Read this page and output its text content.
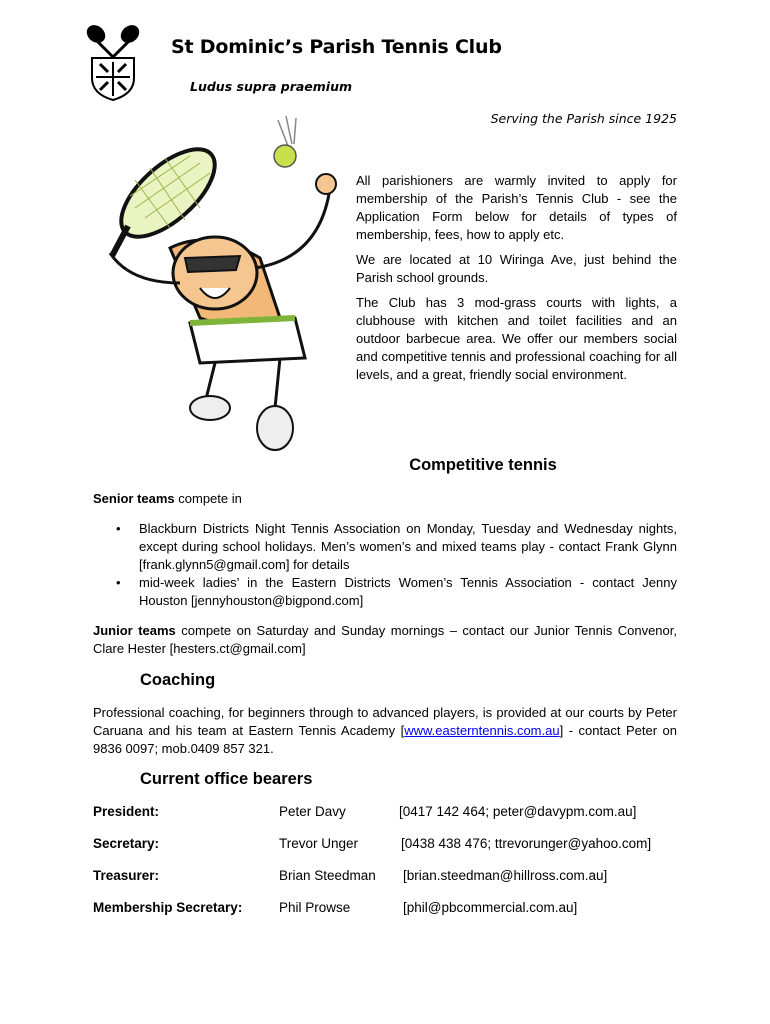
St Dominic’s Parish Tennis Club
Ludus supra praemium
Serving the Parish since 1925

All parishioners are warmly invited to apply for membership of the Parish’s Tennis Club - see the Application Form below for details of types of membership, fees, how to apply etc.

We are located at 10 Wiringa Ave, just behind the Parish school grounds.

The Club has 3 mod-grass courts with lights, a clubhouse with kitchen and toilet facilities and an outdoor barbecue area. We offer our members social and competitive tennis and professional coaching for all levels, and a great, friendly social environment.

Competitive tennis
Senior teams compete in
• Blackburn Districts Night Tennis Association on Monday, Tuesday and Wednesday nights, except during school holidays. Men’s women’s and mixed teams play - contact Frank Glynn [frank.glynn5@gmail.com] for details
• mid-week ladies’ in the Eastern Districts Women’s Tennis Association - contact Jenny Houston [jennyhouston@bigpond.com]
Junior teams compete on Saturday and Sunday mornings – contact our Junior Tennis Convenor, Clare Hester [hesters.ct@gmail.com]
Coaching
Professional coaching, for beginners through to advanced players, is provided at our courts by Peter Caruana and his team at Eastern Tennis Academy [www.easterntennis.com.au] - contact Peter on 9836 0097; mob.0409 857 321.
Current office bearers
President:	Peter Davy	[0417 142 464; peter@davypm.com.au]
Secretary:	Trevor Unger	[0438 438 476; ttrevorunger@yahoo.com]
Treasurer:	Brian Steedman [brian.steedman@hillross.com.au]
Membership Secretary:	Phil Prowse	[phil@pbcommercial.com.au]
